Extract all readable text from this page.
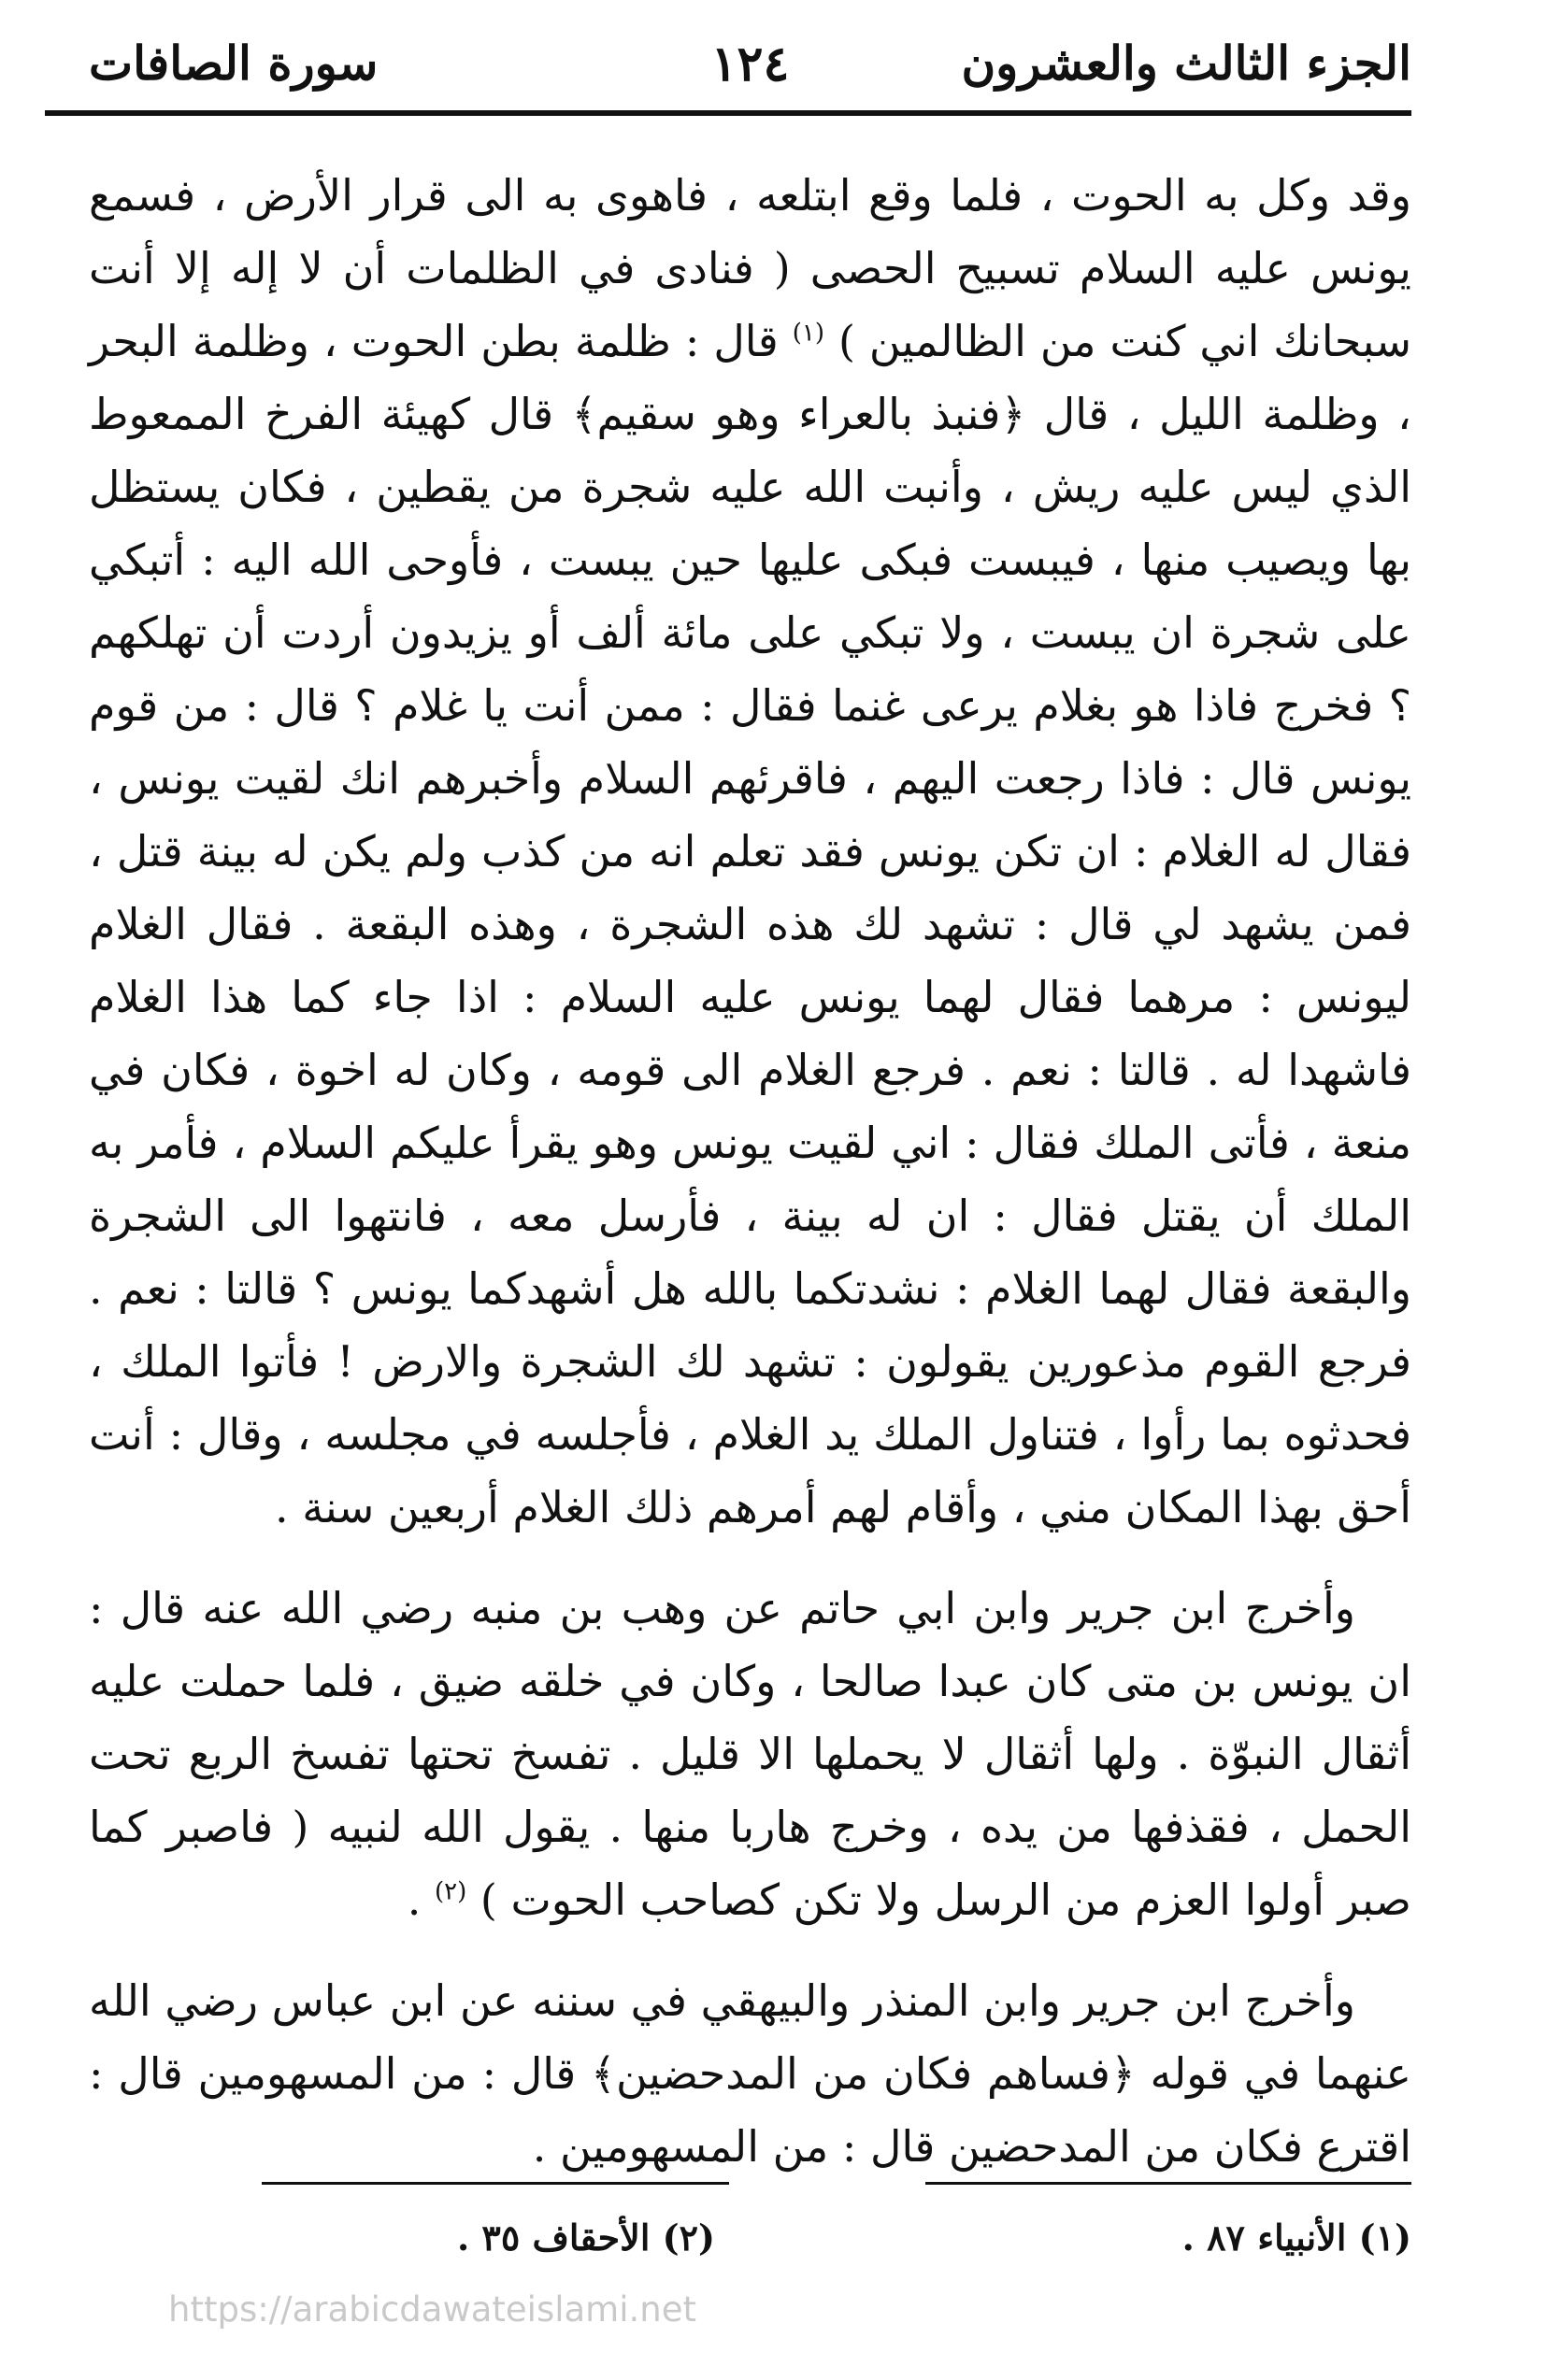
الجزء الثالث والعشرون
١٢٤
سورة الصافات

وقد وكل به الحوت ، فلما وقع ابتلعه ، فاهوى به الى قرار الأرض ، فسمع يونس عليه السلام تسبيح الحصى ( فنادى في الظلمات أن لا إله إلا أنت سبحانك اني كنت من الظالمين ) $^{(١)}$ قال : ظلمة بطن الحوت ، وظلمة البحر ، وظلمة الليل ، قال ﴿فنبذ بالعراء وهو سقيم﴾ قال كهيئة الفرخ الممعوط الذي ليس عليه ريش ، وأنبت الله عليه شجرة من يقطين ، فكان يستظل بها ويصيب منها ، فيبست فبكى عليها حين يبست ، فأوحى الله اليه : أتبكي على شجرة ان يبست ، ولا تبكي على مائة ألف أو يزيدون أردت أن تهلكهم ؟ فخرج فاذا هو بغلام يرعى غنما فقال : ممن أنت يا غلام ؟ قال : من قوم يونس قال : فاذا رجعت اليهم ، فاقرئهم السلام وأخبرهم انك لقيت يونس ، فقال له الغلام : ان تكن يونس فقد تعلم انه من كذب ولم يكن له بينة قتل ، فمن يشهد لي قال : تشهد لك هذه الشجرة ، وهذه البقعة . فقال الغلام ليونس : مرهما فقال لهما يونس عليه السلام : اذا جاء كما هذا الغلام فاشهدا له . قالتا : نعم . فرجع الغلام الى قومه ، وكان له اخوة ، فكان في منعة ، فأتى الملك فقال : اني لقيت يونس وهو يقرأ عليكم السلام ، فأمر به الملك أن يقتل فقال : ان له بينة ، فأرسل معه ، فانتهوا الى الشجرة والبقعة فقال لهما الغلام : نشدتكما بالله هل أشهدكما يونس ؟ قالتا : نعم . فرجع القوم مذعورين يقولون : تشهد لك الشجرة والارض ! فأتوا الملك ، فحدثوه بما رأوا ، فتناول الملك يد الغلام ، فأجلسه في مجلسه ، وقال : أنت أحق بهذا المكان مني ، وأقام لهم أمرهم ذلك الغلام أربعين سنة .

وأخرج ابن جرير وابن ابي حاتم عن وهب بن منبه رضي الله عنه قال : ان يونس بن متى كان عبدا صالحا ، وكان في خلقه ضيق ، فلما حملت عليه أثقال النبوّة . ولها أثقال لا يحملها الا قليل . تفسخ تحتها تفسخ الربع تحت الحمل ، فقذفها من يده ، وخرج هاربا منها . يقول الله لنبيه ( فاصبر كما صبر أولوا العزم من الرسل ولا تكن كصاحب الحوت ) $^{(٢)}$ .

وأخرج ابن جرير وابن المنذر والبيهقي في سننه عن ابن عباس رضي الله عنهما في قوله ﴿فساهم فكان من المدحضين﴾ قال : من المسهومين قال : اقترع فكان من المدحضين قال : من المسهومين .

(١) الأنبياء ٨٧ .
(٢) الأحقاف ٣٥ .
https://arabicdawateislami.net
